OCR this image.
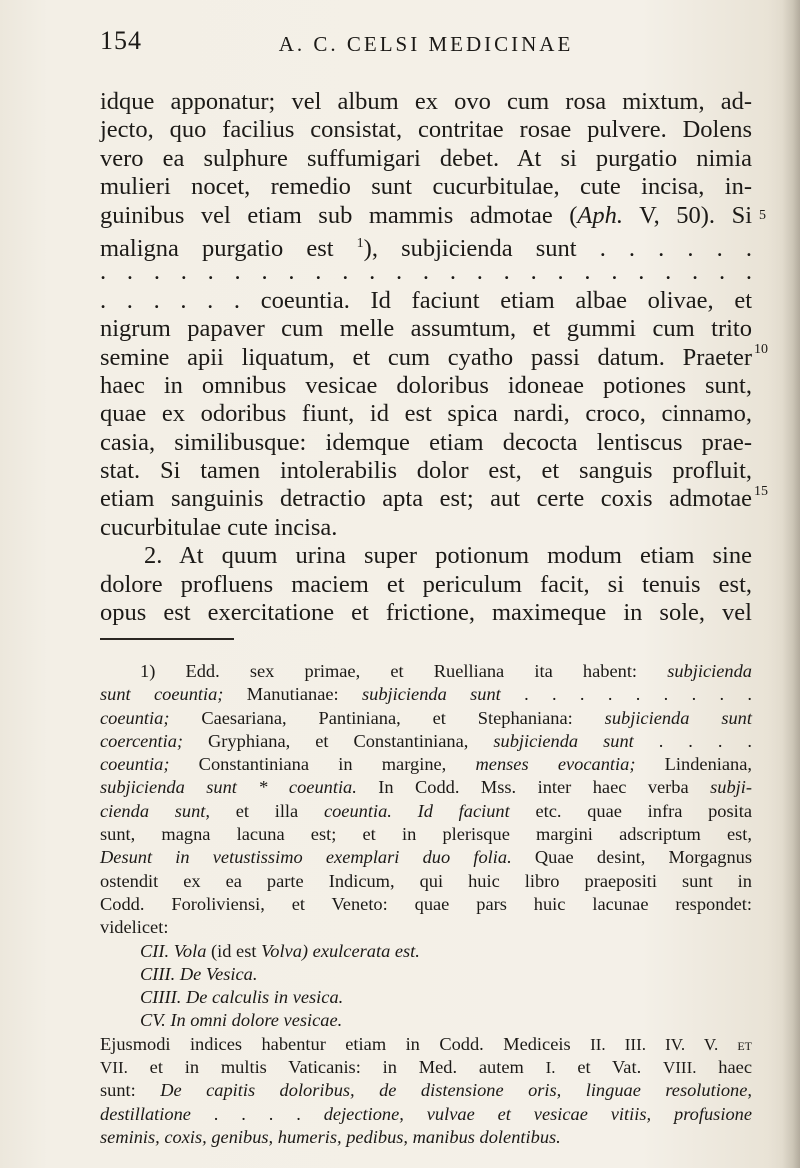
154	A. C. CELSI MEDICINAE
idque apponatur; vel album ex ovo cum rosa mixtum, ad-
jecto, quo facilius consistat, contritae rosae pulvere. Dolens
vero ea sulphure suffumigari debet. At si purgatio nimia
mulieri nocet, remedio sunt cucurbitulae, cute incisa, in-
guinibus vel etiam sub mammis admotae (Aph. V, 50). Si
maligna purgatio est $^1$), subjicienda sunt . . . . . .
. . . . . . . . . . . . . . . . . . . . . . . . .
. . . . . . coeuntia. Id faciunt etiam albae olivae, et
nigrum papaver cum melle assumtum, et gummi cum trito
semine apii liquatum, et cum cyatho passi datum. Praeter
haec in omnibus vesicae doloribus idoneae potiones sunt,
quae ex odoribus fiunt, id est spica nardi, croco, cinnamo,
casia, similibusque: idemque etiam decocta lentiscus prae-
stat. Si tamen intolerabilis dolor est, et sanguis profluit,
etiam sanguinis detractio apta est; aut certe coxis admotae
cucurbitulae cute incisa.
2. At quum urina super potionum modum etiam sine
dolore profluens maciem et periculum facit, si tenuis est,
opus est exercitatione et frictione, maximeque in sole, vel
5
10
15
1) Edd. sex primae, et Ruelliana ita habent: subjicienda
sunt coeuntia; Manutianae: subjicienda sunt . . . . . . . . .
coeuntia; Caesariana, Pantiniana, et Stephaniana: subjicienda sunt
coercentia; Gryphiana, et Constantiniana, subjicienda sunt . . . .
coeuntia; Constantiniana in margine, menses evocantia; Lindeniana,
subjicienda sunt * coeuntia. In Codd. Mss. inter haec verba subji-
cienda sunt, et illa coeuntia. Id faciunt etc. quae infra posita
sunt, magna lacuna est; et in plerisque margini adscriptum est,
Desunt in vetustissimo exemplari duo folia. Quae desint, Morgagnus
ostendit ex ea parte Indicum, qui huic libro praepositi sunt in
Codd. Foroliviensi, et Veneto: quae pars huic lacunae respondet:
videlicet:
CII. Vola (id est Volva) exulcerata est.
CIII. De Vesica.
CIIII. De calculis in vesica.
CV. In omni dolore vesicae.
Ejusmodi indices habentur etiam in Codd. Mediceis II. III. IV. V. et
VII. et in multis Vaticanis: in Med. autem I. et Vat. VIII. haec
sunt: De capitis doloribus, de distensione oris, linguae resolutione,
destillatione . . . . dejectione, vulvae et vesicae vitiis, profusione
seminis, coxis, genibus, humeris, pedibus, manibus dolentibus.
